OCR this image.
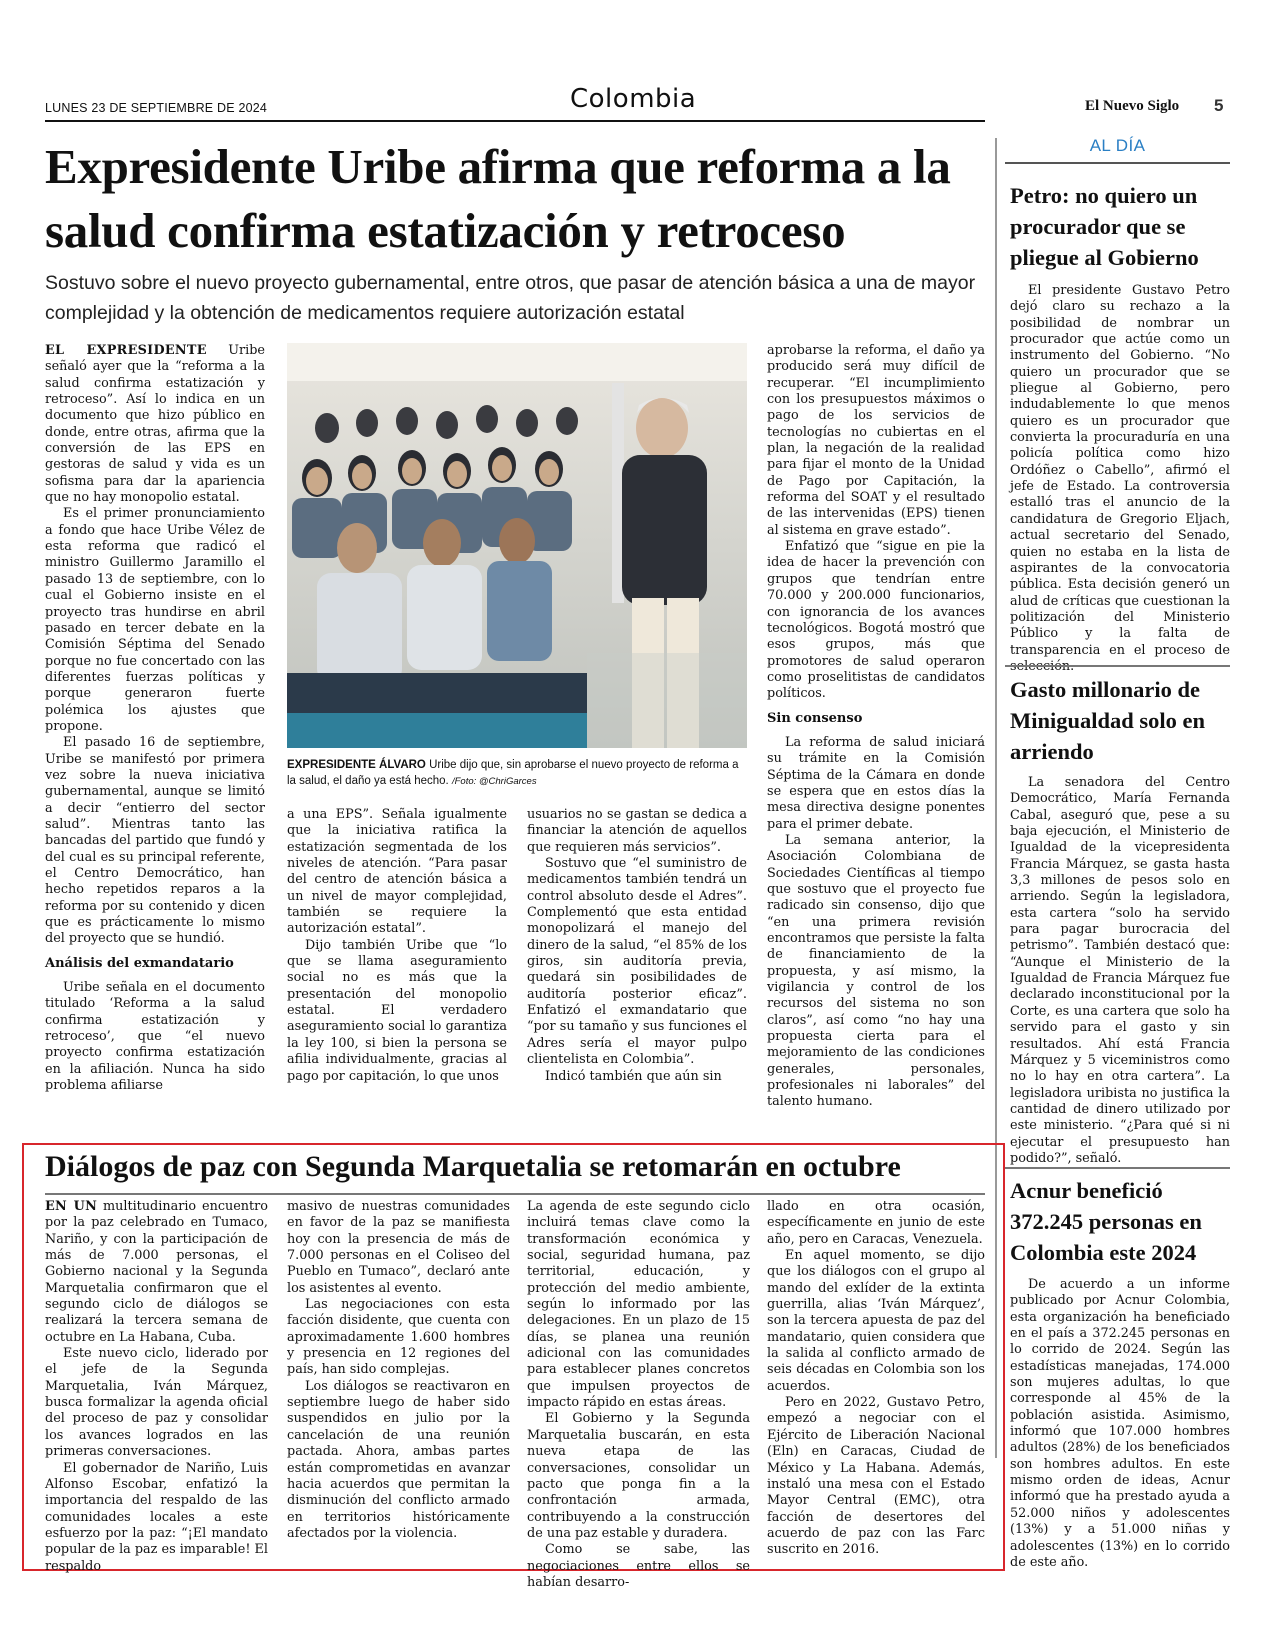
LUNES 23 DE SEPTIEMBRE DE 2024	Colombia	El Nuevo Siglo 5
Expresidente Uribe afirma que reforma a la salud confirma estatización y retroceso
Sostuvo sobre el nuevo proyecto gubernamental, entre otros, que pasar de atención básica a una de mayor complejidad y la obtención de medicamentos requiere autorización estatal

EL EXPRESIDENTE Uribe señaló ayer que la “reforma a la salud confirma estatización y retroceso”. Así lo indica en un documento que hizo público en donde, entre otras, afirma que la conversión de las EPS en gestoras de salud y vida es un sofisma para dar la apariencia que no hay monopolio estatal.

Es el primer pronunciamiento a fondo que hace Uribe Vélez de esta reforma que radicó el ministro Guillermo Jaramillo el pasado 13 de septiembre, con lo cual el Gobierno insiste en el proyecto tras hundirse en abril pasado en tercer debate en la Comisión Séptima del Senado porque no fue concertado con las diferentes fuerzas políticas y porque generaron fuerte polémica los ajustes que propone.

El pasado 16 de septiembre, Uribe se manifestó por primera vez sobre la nueva iniciativa gubernamental, aunque se limitó a decir “entierro del sector salud”. Mientras tanto las bancadas del partido que fundó y del cual es su principal referente, el Centro Democrático, han hecho repetidos reparos a la reforma por su contenido y dicen que es prácticamente lo mismo del proyecto que se hundió.

Análisis del exmandatario

Uribe señala en el documento titulado ‘Reforma a la salud confirma estatización y retroceso’, que “el nuevo proyecto confirma estatización en la afiliación. Nunca ha sido problema afiliarse

EXPRESIDENTE ÁLVARO Uribe dijo que, sin aprobarse el nuevo proyecto de reforma a la salud, el daño ya está hecho. /Foto: @ChriGarces

a una EPS”. Señala igualmente que la iniciativa ratifica la estatización segmentada de los niveles de atención. “Para pasar del centro de atención básica a un nivel de mayor complejidad, también se requiere la autorización estatal”.

Dijo también Uribe que “lo que se llama aseguramiento social no es más que la presentación del monopolio estatal. El verdadero aseguramiento social lo garantiza la ley 100, si bien la persona se afilia individualmente, gracias al pago por capitación, lo que unos

usuarios no se gastan se dedica a financiar la atención de aquellos que requieren más servicios”.

Sostuvo que “el suministro de medicamentos también tendrá un control absoluto desde el Adres”. Complementó que esta entidad monopolizará el manejo del dinero de la salud, “el 85% de los giros, sin auditoría previa, quedará sin posibilidades de auditoría posterior eficaz”. Enfatizó el exmandatario que “por su tamaño y sus funciones el Adres sería el mayor pulpo clientelista en Colombia”.

Indicó también que aún sin

aprobarse la reforma, el daño ya producido será muy difícil de recuperar. “El incumplimiento con los presupuestos máximos o pago de los servicios de tecnologías no cubiertas en el plan, la negación de la realidad para fijar el monto de la Unidad de Pago por Capitación, la reforma del SOAT y el resultado de las intervenidas (EPS) tienen al sistema en grave estado”.

Enfatizó que “sigue en pie la idea de hacer la prevención con grupos que tendrían entre 70.000 y 200.000 funcionarios, con ignorancia de los avances tecnológicos. Bogotá mostró que esos grupos, más que promotores de salud operaron como proselitistas de candidatos políticos.

Sin consenso

La reforma de salud iniciará su trámite en la Comisión Séptima de la Cámara en donde se espera que en estos días la mesa directiva designe ponentes para el primer debate.

La semana anterior, la Asociación Colombiana de Sociedades Científicas al tiempo que sostuvo que el proyecto fue radicado sin consenso, dijo que “en una primera revisión encontramos que persiste la falta de financiamiento de la propuesta, y así mismo, la vigilancia y control de los recursos del sistema no son claros”, así como “no hay una propuesta cierta para el mejoramiento de las condiciones generales, personales, profesionales ni laborales” del talento humano.

AL DÍA
Petro: no quiero un procurador que se pliegue al Gobierno

El presidente Gustavo Petro dejó claro su rechazo a la posibilidad de nombrar un procurador que actúe como un instrumento del Gobierno. “No quiero un procurador que se pliegue al Gobierno, pero indudablemente lo que menos quiero es un procurador que convierta la procuraduría en una policía política como hizo Ordóñez o Cabello”, afirmó el jefe de Estado. La controversia estalló tras el anuncio de la candidatura de Gregorio Eljach, actual secretario del Senado, quien no estaba en la lista de aspirantes de la convocatoria pública. Esta decisión generó un alud de críticas que cuestionan la politización del Ministerio Público y la falta de transparencia en el proceso de

Gasto millonario de Minigualdad solo en arriendo

La senadora del Centro Democrático, María Fernanda Cabal, aseguró que, pese a su baja ejecución, el Ministerio de Igualdad de la vicepresidenta Francia Márquez, se gasta hasta 3,3 millones de pesos solo en arriendo. Según la legisladora, esta cartera “solo ha servido para pagar burocracia del petrismo”. También destacó que: “Aunque el Ministerio de la Igualdad de Francia Márquez fue declarado inconstitucional por la Corte, es una cartera que solo ha servido para el gasto y sin resultados. Ahí está Francia Márquez y 5 viceministros como no lo hay en otra cartera”. La legisladora uribista no justifica la cantidad de dinero utilizado por este ministerio. “¿Para qué si ni ejecutar el presupuesto han podido?”, señaló.

Acnur benefició 372.245 personas en Colombia este 2024

De acuerdo a un informe publicado por Acnur Colombia, esta organización ha beneficiado en el país a 372.245 personas en lo corrido de 2024. Según las estadísticas manejadas, 174.000 son mujeres adultas, lo que corresponde al 45% de la población asistida. Asimismo, informó que 107.000 hombres adultos (28%) de los beneficiados son hombres adultos. En este mismo orden de ideas, Acnur informó que ha prestado ayuda a 52.000 niños y adolescentes (13%) y a 51.000 niñas y adolescentes (13%) en lo corrido de este año.

Diálogos de paz con Segunda Marquetalia se retomarán en octubre

EN UN multitudinario encuentro por la paz celebrado en Tumaco, Nariño, y con la participación de más de 7.000 personas, el Gobierno nacional y la Segunda Marquetalia confirmaron que el segundo ciclo de diálogos se realizará la tercera semana de octubre en La Habana, Cuba.

Este nuevo ciclo, liderado por el jefe de la Segunda Marquetalia, Iván Márquez, busca formalizar la agenda oficial del proceso de paz y consolidar los avances logrados en las primeras conversaciones.

El gobernador de Nariño, Luis Alfonso Escobar, enfatizó la importancia del respaldo de las comunidades locales a este esfuerzo por la paz: “¡El mandato popular de la paz es imparable! El respaldo

masivo de nuestras comunidades en favor de la paz se manifiesta hoy con la presencia de más de 7.000 personas en el Coliseo del Pueblo en Tumaco”, declaró ante los asistentes al evento.

Las negociaciones con esta facción disidente, que cuenta con aproximadamente 1.600 hombres y presencia en 12 regiones del país, han sido complejas.

Los diálogos se reactivaron en septiembre luego de haber sido suspendidos en julio por la cancelación de una reunión pactada. Ahora, ambas partes están comprometidas en avanzar hacia acuerdos que permitan la disminución del conflicto armado en territorios históricamente afectados por la violencia.

La agenda de este segundo ciclo incluirá temas clave como la transformación económica y social, seguridad humana, paz territorial, educación, y protección del medio ambiente, según lo informado por las delegaciones. En un plazo de 15 días, se planea una reunión adicional con las comunidades para establecer planes concretos que impulsen proyectos de impacto rápido en estas áreas.

El Gobierno y la Segunda Marquetalia buscarán, en esta nueva etapa de las conversaciones, consolidar un pacto que ponga fin a la confrontación armada, contribuyendo a la construcción de una paz estable y duradera.

Como se sabe, las negociaciones entre ellos se habían desarro-

llado en otra ocasión, específicamente en junio de este año, pero en Caracas, Venezuela.

En aquel momento, se dijo que los diálogos con el grupo al mando del exlíder de la extinta guerrilla, alias ‘Iván Márquez’, son la tercera apuesta de paz del mandatario, quien considera que la salida al conflicto armado de seis décadas en Colombia son los acuerdos.

Pero en 2022, Gustavo Petro, empezó a negociar con el Ejército de Liberación Nacional (Eln) en Caracas, Ciudad de México y La Habana. Además, instaló una mesa con el Estado Mayor Central (EMC), otra facción de desertores del acuerdo de paz con las Farc suscrito en 2016.
